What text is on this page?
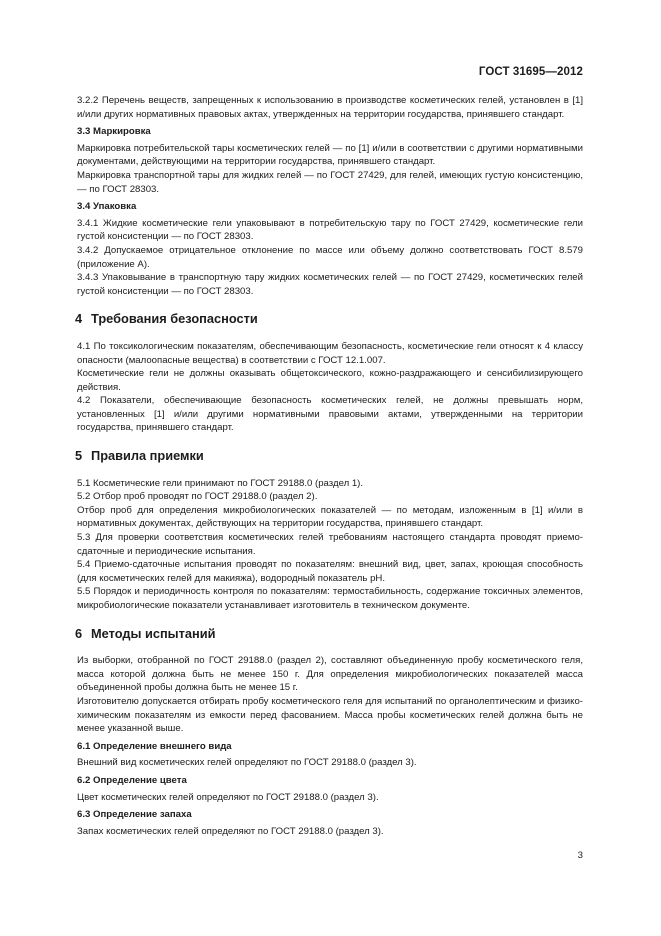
ГОСТ 31695—2012

3.2.2 Перечень веществ, запрещенных к использованию в производстве косметических гелей, установлен в [1] и/или других нормативных правовых актах, утвержденных на территории государства, принявшего стандарт.

3.3 Маркировка

Маркировка потребительской тары косметических гелей — по [1] и/или в соответствии с другими нормативными документами, действующими на территории государства, принявшего стандарт.

Маркировка транспортной тары для жидких гелей — по ГОСТ 27429, для гелей, имеющих густую консистенцию, — по ГОСТ 28303.

3.4 Упаковка

3.4.1 Жидкие косметические гели упаковывают в потребительскую тару по ГОСТ 27429, косметические гели густой консистенции — по ГОСТ 28303.

3.4.2 Допускаемое отрицательное отклонение по массе или объему должно соответствовать ГОСТ 8.579 (приложение А).

3.4.3 Упаковывание в транспортную тару жидких косметических гелей — по ГОСТ 27429, косметических гелей густой консистенции — по ГОСТ 28303.

4 Требования безопасности

4.1 По токсикологическим показателям, обеспечивающим безопасность, косметические гели относят к 4 классу опасности (малоопасные вещества) в соответствии с ГОСТ 12.1.007.

Косметические гели не должны оказывать общетоксического, кожно-раздражающего и сенсибилизирующего действия.

4.2 Показатели, обеспечивающие безопасность косметических гелей, не должны превышать норм, установленных [1] и/или другими нормативными правовыми актами, утвержденными на территории государства, принявшего стандарт.

5 Правила приемки

5.1 Косметические гели принимают по ГОСТ 29188.0 (раздел 1).

5.2 Отбор проб проводят по ГОСТ 29188.0 (раздел 2).

Отбор проб для определения микробиологических показателей — по методам, изложенным в [1] и/или в нормативных документах, действующих на территории государства, принявшего стандарт.

5.3 Для проверки соответствия косметических гелей требованиям настоящего стандарта проводят приемо-сдаточные и периодические испытания.

5.4 Приемо-сдаточные испытания проводят по показателям: внешний вид, цвет, запах, кроющая способность (для косметических гелей для макияжа), водородный показатель pH.

5.5 Порядок и периодичность контроля по показателям: термостабильность, содержание токсичных элементов, микробиологические показатели устанавливает изготовитель в техническом документе.

6 Методы испытаний

Из выборки, отобранной по ГОСТ 29188.0 (раздел 2), составляют объединенную пробу косметического геля, масса которой должна быть не менее 150 г. Для определения микробиологических показателей масса объединенной пробы должна быть не менее 15 г.

Изготовителю допускается отбирать пробу косметического геля для испытаний по органолептическим и физико-химическим показателям из емкости перед фасованием. Масса пробы косметических гелей должна быть не менее указанной выше.

6.1 Определение внешнего вида

Внешний вид косметических гелей определяют по ГОСТ 29188.0 (раздел 3).

6.2 Определение цвета

Цвет косметических гелей определяют по ГОСТ 29188.0 (раздел 3).

6.3 Определение запаха

Запах косметических гелей определяют по ГОСТ 29188.0 (раздел 3).

3
